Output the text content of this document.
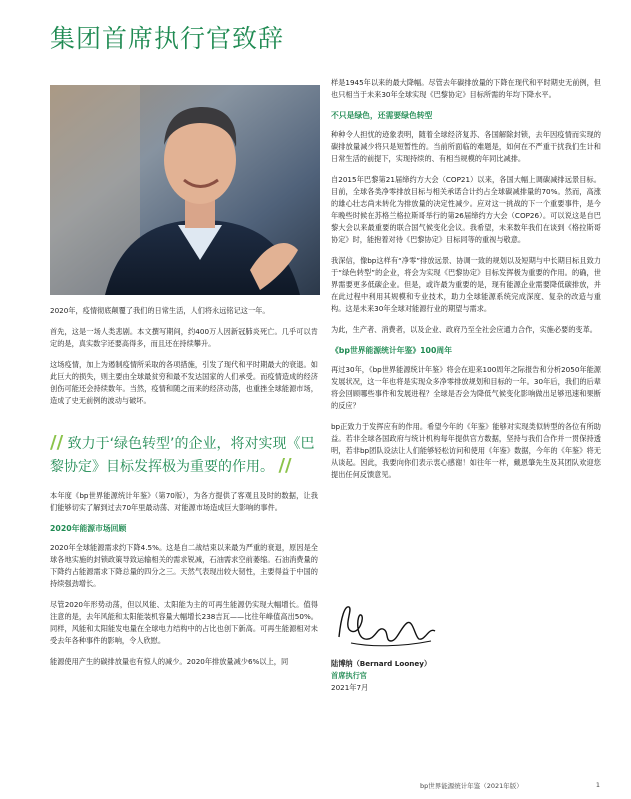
集团首席执行官致辞

2020年，疫情彻底颠覆了我们的日常生活，人们将永远铭记这一年。

首先，这是一场人类悲剧。本文撰写期间，约400万人因新冠肺炎死亡。几乎可以肯定的是，真实数字还要高得多，而且还在持续攀升。

这场疫情，加上为遏制疫情所采取的各项措施，引发了现代和平时期最大的衰退。如此巨大的损失，则主要由全球最贫穷和最不发达国家的人们承受。而疫情造成的经济创伤可能还会持续数年。当然，疫情和随之而来的经济动荡，也重挫全球能源市场，造成了史无前例的波动与破坏。

本年度《bp世界能源统计年鉴》（第70版），为各方提供了客观且及时的数据，让我们能够切实了解到过去70年里最动荡、对能源市场造成巨大影响的事件。

2020年能源市场回顾

2020年全球能源需求约下降4.5%。这是自二战结束以来最为严重的衰退，原因是全球各地实施的封锁政策导致运输相关的需求锐减，石油需求空前萎缩。石油消费量的下降约占能源需求下降总量的四分之三。天然气表现出较大韧性，主要得益于中国的持续强劲增长。

尽管2020年形势动荡，但以风能、太阳能为主的可再生能源仍实现大幅增长。值得注意的是，去年风能和太阳能装机容量大幅增长238吉瓦——比往年峰值高出50%。同样，风能和太阳能发电量在全球电力结构中的占比也创下新高。可再生能源相对未受去年各种事件的影响，令人欣慰。

能源使用产生的碳排放量也有惊人的减少。2020年排放量减少6%以上，同

// 致力于‘绿色转型’的企业，将对实现《巴黎协定》目标发挥极为重要的作用。 //

样是1945年以来的最大降幅。尽管去年碳排放量的下降在现代和平时期史无前例，但也只相当于未来30年全球实现《巴黎协定》目标所需的年均下降水平。

不只是绿色，还需要绿色转型

种种令人担忧的迹象表明，随着全球经济复苏、各国解除封锁，去年因疫情而实现的碳排放量减少将只是短暂性的。当前所面临的难题是，如何在不严重干扰我们生计和日常生活的前提下，实现持续的、有相当规模的年同比减排。

自2015年巴黎第21届缔约方大会（COP21）以来，各国大幅上调碳减排远景目标。目前，全球各类净零排放目标与相关承诺合计约占全球碳减排量的70%。然而，高涨的雄心壮志尚未转化为排放量的决定性减少。应对这一挑战的下一个重要事件，是今年晚些时候在苏格兰格拉斯哥举行的第26届缔约方大会（COP26）。可以说这是自巴黎大会以来最重要的联合国气候变化会议。我希望，未来数年我们在谈到《格拉斯哥协定》时，能抱着对待《巴黎协定》目标同等的重视与敬意。

我深信，像bp这样有“净零”排放远景、协调一致的规划以及短期与中长期目标且致力于“绿色转型”的企业，将会为实现《巴黎协定》目标发挥极为重要的作用。的确，世界需要更多低碳企业。但是，或许最为重要的是，现有能源企业需要降低碳排放，并在此过程中利用其规模和专业技术，助力全球能源系统完成深度、复杂的改造与重构。这是未来30年全球对能源行业的期望与需求。

为此，生产者、消费者，以及企业、政府乃至全社会应通力合作，实施必要的变革。

《bp世界能源统计年鉴》100周年

再过30年，《bp世界能源统计年鉴》将会在迎来100周年之际报告和分析2050年能源发展状况，这一年也将是实现众多净零排放规划和目标的一年。30年后，我们的后辈将会回顾哪些事件和发展进程？全球是否会为降低气候变化影响做出足够迅速和果断的反应？

bp正致力于发挥应有的作用。希望今年的《年鉴》能够对实现类似转型的各位有所助益。若非全球各国政府与统计机构每年提供官方数据，坚持与我们合作并一贯保持透明，若非bp团队设法让人们能够轻松访问和使用《年鉴》数据，今年的《年鉴》将无从谈起。因此，我要向你们表示衷心感谢！如往年一样，戴恩肇先生及其团队欢迎您提出任何反馈意见。

陆博纳（Bernard Looney）
首席执行官
2021年7月
bp世界能源统计年鉴（2021年版）	1
